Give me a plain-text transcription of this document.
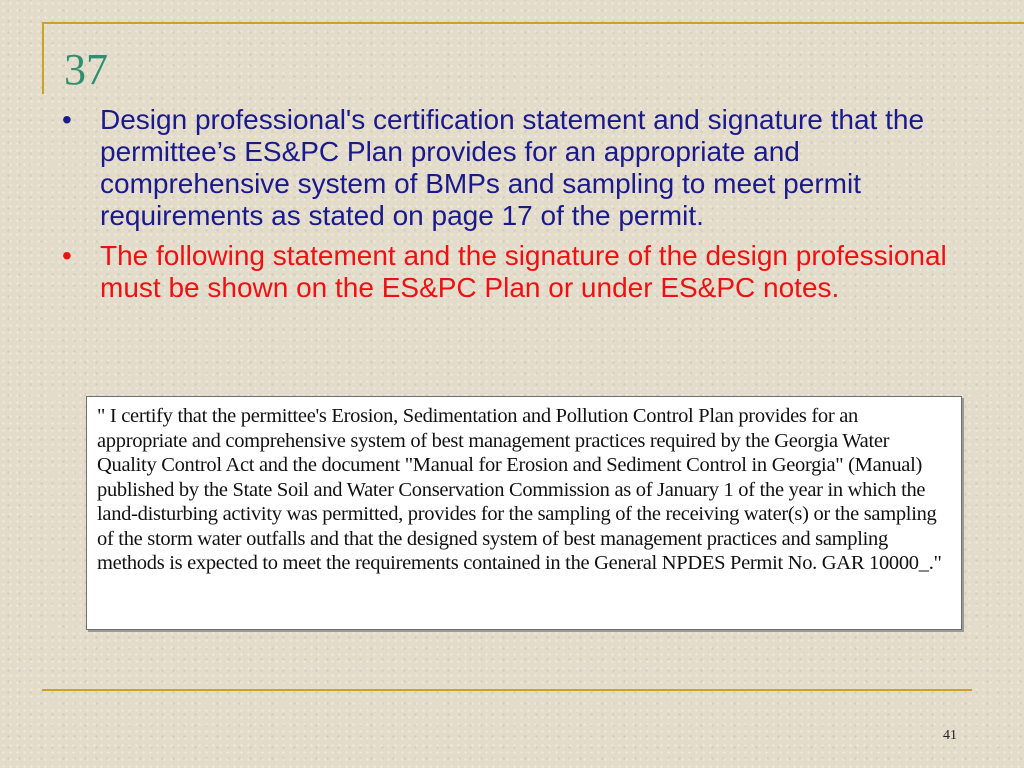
37
• Design professional's certification statement and signature that the permittee’s ES&PC Plan provides for an appropriate and comprehensive system of BMPs and sampling to meet permit requirements as stated on page 17 of the permit.
• The following statement and the signature of the design professional must be shown on the ES&PC Plan or under ES&PC notes.
" I certify that the permittee's Erosion, Sedimentation and Pollution Control Plan provides for an appropriate and comprehensive system of best management practices required by the Georgia Water Quality Control Act and the document "Manual for Erosion and Sediment Control in Georgia" (Manual) published by the State Soil and Water Conservation Commission as of January 1 of the year in which the land-disturbing activity was permitted, provides for the sampling of the receiving water(s) or the sampling of the storm water outfalls and that the designed system of best management practices and sampling methods is expected to meet the requirements contained in the General NPDES Permit No. GAR 10000_."
41
